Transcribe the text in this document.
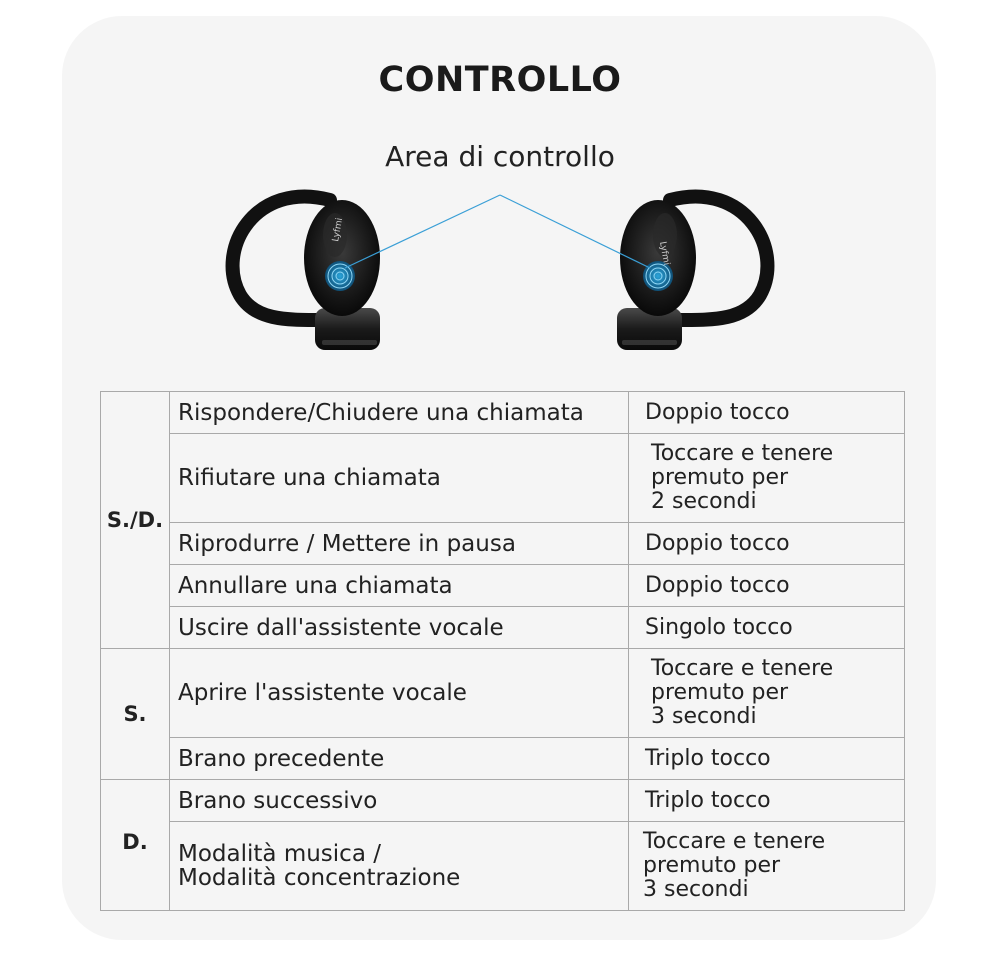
CONTROLLO
Area di controllo
Lyfmi
Lyfmi
S./D.	Rispondere/Chiudere una chiamata	Doppio tocco

	Rifiutare una chiamata	Toccare e tenere
premuto per
2 secondi

	Riprodurre / Mettere in pausa	Doppio tocco

	Annullare una chiamata	Doppio tocco

	Uscire dall'assistente vocale	Singolo tocco

S.	Aprire l'assistente vocale	Toccare e tenere
premuto per
3 secondi

	Brano precedente	Triplo tocco

D.	Brano successivo	Triplo tocco

	Modalità musica /
Modalità concentrazione	Toccare e tenere
premuto per
3 secondi
